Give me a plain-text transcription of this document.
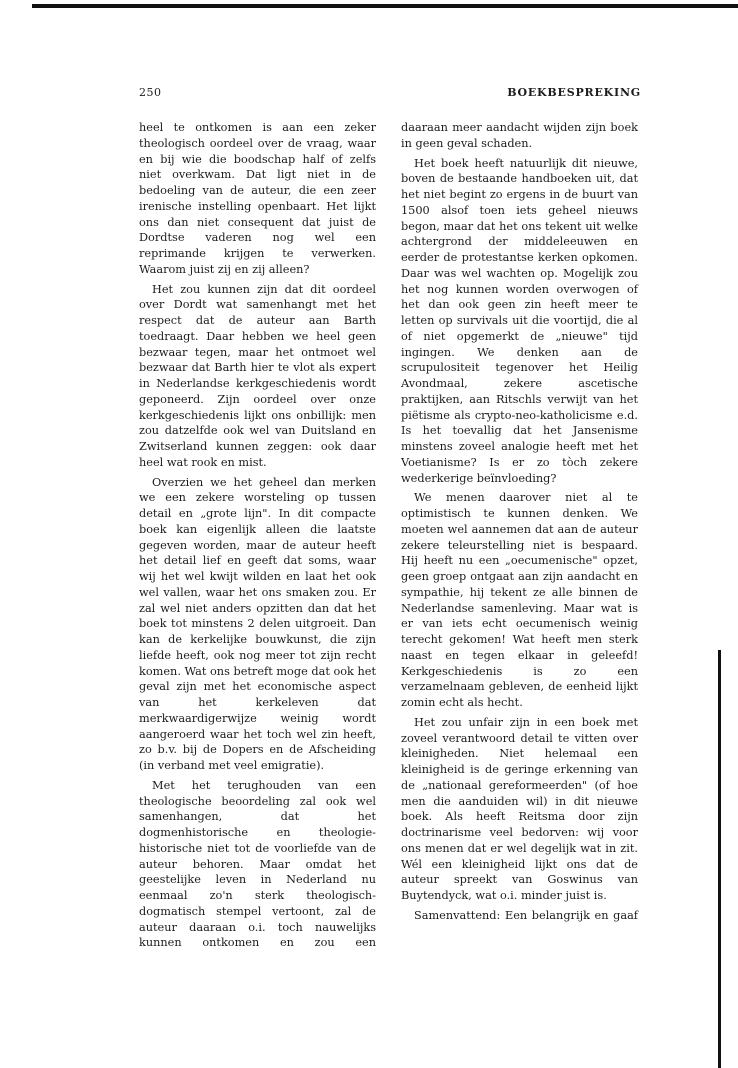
250	BOEKBESPREKING

heel te ontkomen is aan een zeker theologisch oordeel over de vraag, waar en bij wie die boodschap half of zelfs niet overkwam. Dat ligt niet in de bedoeling van de auteur, die een zeer irenische instelling openbaart. Het lijkt ons dan niet consequent dat juist de Dordtse vaderen nog wel een reprimande krijgen te verwerken. Waarom juist zij en zij alleen?

Het zou kunnen zijn dat dit oordeel over Dordt wat samenhangt met het respect dat de auteur aan Barth toedraagt. Daar hebben we heel geen bezwaar tegen, maar het ontmoet wel bezwaar dat Barth hier te vlot als expert in Nederlandse kerkgeschiedenis wordt geponeerd. Zijn oordeel over onze kerkgeschiedenis lijkt ons onbillijk: men zou datzelfde ook wel van Duitsland en Zwitserland kunnen zeggen: ook daar heel wat rook en mist.

Overzien we het geheel dan merken we een zekere worsteling op tussen detail en „grote lijn". In dit compacte boek kan eigenlijk alleen die laatste gegeven worden, maar de auteur heeft het detail lief en geeft dat soms, waar wij het wel kwijt wilden en laat het ook wel vallen, waar het ons smaken zou. Er zal wel niet anders opzitten dan dat het boek tot minstens 2 delen uitgroeit. Dan kan de kerkelijke bouwkunst, die zijn liefde heeft, ook nog meer tot zijn recht komen. Wat ons betreft moge dat ook het geval zijn met het economische aspect van het kerkeleven dat merkwaardigerwijze weinig wordt aangeroerd waar het toch wel zin heeft, zo b.v. bij de Dopers en de Afscheiding (in verband met veel emigratie).

Met het terughouden van een theologische beoordeling zal ook wel samenhangen, dat het dogmenhistorische en theologie-historische niet tot de voorliefde van de auteur behoren. Maar omdat het geestelijke leven in Nederland nu eenmaal zo'n sterk theologisch-dogmatisch stempel vertoont, zal de auteur daaraan o.i. toch nauwelijks kunnen ontkomen en zou een

daaraan meer aandacht wijden zijn boek in geen geval schaden.

Het boek heeft natuurlijk dit nieuwe, boven de bestaande handboeken uit, dat het niet begint zo ergens in de buurt van 1500 alsof toen iets geheel nieuws begon, maar dat het ons tekent uit welke achtergrond der middeleeuwen en eerder de protestantse kerken opkomen. Daar was wel wachten op. Mogelijk zou het nog kunnen worden overwogen of het dan ook geen zin heeft meer te letten op survivals uit die voortijd, die al of niet opgemerkt de „nieuwe" tijd ingingen. We denken aan de scrupulositeit tegenover het Heilig Avondmaal, zekere ascetische praktijken, aan Ritschls verwijt van het piëtisme als crypto-neo-katholicisme e.d. Is het toevallig dat het Jansenisme minstens zoveel analogie heeft met het Voetianisme? Is er zo tòch zekere wederkerige beïnvloeding?

We menen daarover niet al te optimistisch te kunnen denken. We moeten wel aannemen dat aan de auteur zekere teleurstelling niet is bespaard. Hij heeft nu een „oecumenische" opzet, geen groep ontgaat aan zijn aandacht en sympathie, hij tekent ze alle binnen de Nederlandse samenleving. Maar wat is er van iets echt oecumenisch weinig terecht gekomen! Wat heeft men sterk naast en tegen elkaar in geleefd! Kerkgeschiedenis is zo een verzamelnaam gebleven, de eenheid lijkt zomin echt als hecht.

Het zou unfair zijn in een boek met zoveel verantwoord detail te vitten over kleinigheden. Niet helemaal een kleinigheid is de geringe erkenning van de „nationaal gereformeerden" (of hoe men die aanduiden wil) in dit nieuwe boek. Als heeft Reitsma door zijn doctrinarisme veel bedorven: wij voor ons menen dat er wel degelijk wat in zit. Wél een kleinigheid lijkt ons dat de auteur spreekt van Goswinus van Buytendyck, wat o.i. minder juist is.

Samenvattend: Een belangrijk en gaaf
